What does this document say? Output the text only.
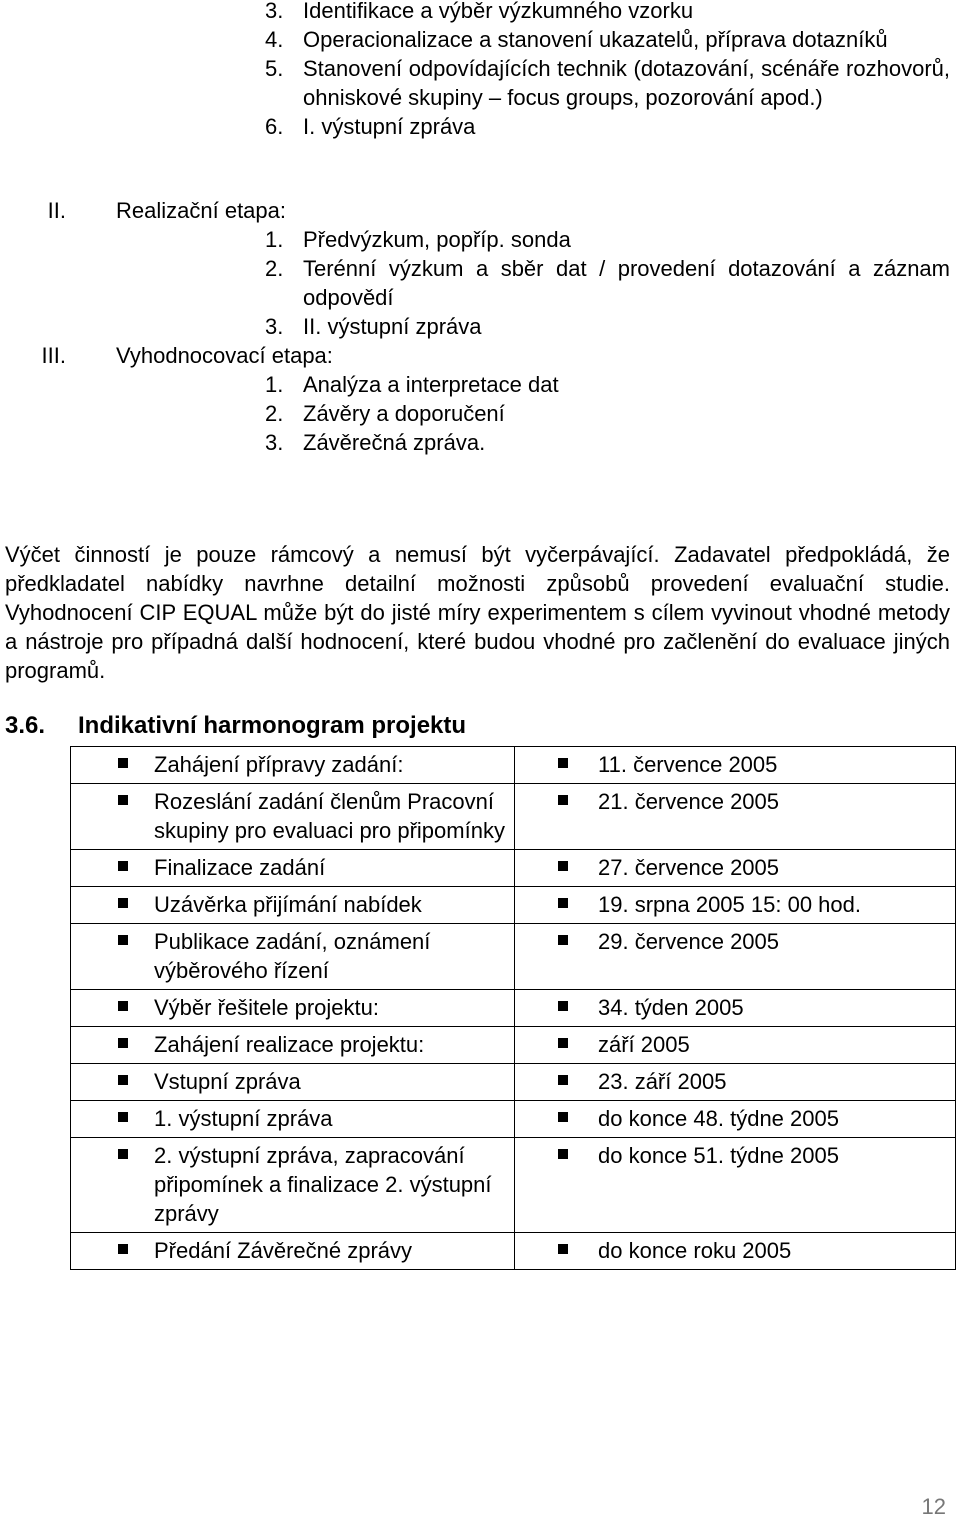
3. Identifikace a výběr výzkumného vzorku
4. Operacionalizace a stanovení ukazatelů, příprava dotazníků
5. Stanovení odpovídajících technik (dotazování, scénáře rozhovorů, ohniskové skupiny – focus groups, pozorování apod.)
6. I. výstupní zpráva
II.	Realizační etapa:
1. Předvýzkum, popříp. sonda
2. Terénní výzkum a sběr dat / provedení dotazování a záznam odpovědí
3. II. výstupní zpráva
III.	Vyhodnocovací etapa:
1. Analýza a interpretace dat
2. Závěry a doporučení
3. Závěrečná zpráva.

Výčet činností je pouze rámcový a nemusí být vyčerpávající. Zadavatel předpokládá, že předkladatel nabídky navrhne detailní možnosti způsobů provedení evaluační studie. Vyhodnocení CIP EQUAL může být do jisté míry experimentem s cílem vyvinout vhodné metody a nástroje pro případná další hodnocení, které budou vhodné pro začlenění do evaluace jiných programů.

3.6.	Indikativní harmonogram projektu
Zahájení přípravy zadání:	11. července 2005

Rozeslání zadání členům Pracovní skupiny pro evaluaci pro připomínky	21. července 2005

Finalizace zadání	27. července 2005

Uzávěrka přijímání nabídek	19. srpna 2005 15: 00 hod.

Publikace zadání, oznámení výběrového řízení	29. července 2005

Výběr řešitele projektu:	34. týden 2005

Zahájení realizace projektu:	září 2005

Vstupní zpráva	23. září 2005

1. výstupní zpráva	do konce 48. týdne 2005

2. výstupní zpráva, zapracování připomínek a finalizace 2. výstupní zprávy	do konce 51. týdne 2005

Předání Závěrečné zprávy	do konce roku 2005
12
